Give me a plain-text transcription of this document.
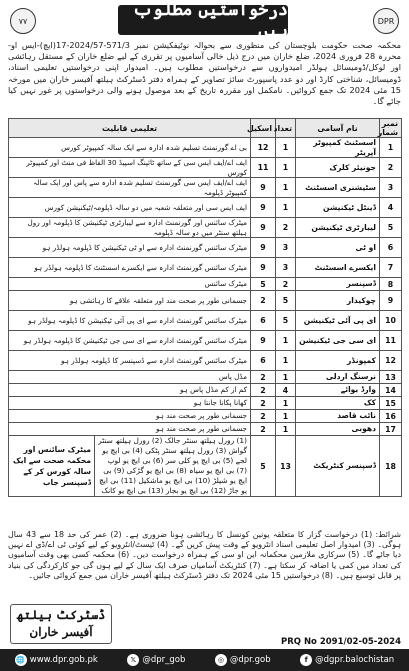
۷۷
درخواستیں مطلوب ہیں	DPR

محکمہ صحت حکومت بلوچستان کی منظوری سے بحوالہ نوٹیفکیشن نمبر 571/3-2024/57-17(ایچ)-ایس او- محررہ 28 فروری 2024، ضلع خاران میں درج ذیل خالی آسامیوں پر تقرری کے لیے ضلع خاران کے مستقل رہائشی اور لوکل/ڈومیسائل ہولڈر امیدواروں سے درخواستیں مطلوب ہیں۔ امیدوار اپنی درخواستیں تعلیمی اسناد، ڈومیسائل، شناختی کارڈ اور دو عدد پاسپورٹ سائز تصاویر کے ہمراہ دفتر ڈسٹرکٹ ہیلتھ آفیسر خاران میں مورخہ 15 مئی 2024 تک جمع کروائیں۔ نامکمل اور مقررہ تاریخ کے بعد موصول ہونے والی درخواستوں پر غور نہیں کیا جائے گا۔

نمبر شمار	نام آسامی	تعداد	اسکیل	تعلیمی قابلیت	
1	اسسٹنٹ کمپیوٹر آپریٹر	1	12	بی اے گورنمنٹ تسلیم شدہ ادارہ سے ایک سالہ کمپیوٹر کورس	
2	جونیئر کلرک	1	11	ایف اے/ایف ایس سی کے ساتھ ٹائپنگ اسپیڈ 30 الفاظ فی منٹ اور کمپیوٹر کورس	
3	سٹیشنری اسسٹنٹ	1	9	ایف اے/ایف ایس سی گورنمنٹ تسلیم شدہ ادارہ سے پاس اور ایک سالہ کمپیوٹر ڈپلومہ	
4	ڈینٹل ٹیکنیشن	1	9	ایف ایس سی اور متعلقہ شعبہ میں دو سالہ ڈپلومہ/ٹیکنیشن کورس	
5	لیبارٹری ٹیکنیشن	2	9	میٹرک سائنس اور گورنمنٹ ادارہ سے لیبارٹری ٹیکنیشن کا ڈپلومہ اور رول ہیلتھ سنٹر میں دو سالہ ڈپلومہ	
6	او ٹی	3	9	میٹرک سائنس گورنمنٹ ادارہ سے او ٹی ٹیکنیشن کا ڈپلومہ ہولڈر ہو	
7	ایکسرے اسسٹنٹ	3	9	میٹرک سائنس گورنمنٹ ادارہ سے ایکسرے اسسٹنٹ کا ڈپلومہ ہولڈر ہو	
8	ڈسپنسر	2	5	میٹرک سائنس	
9	چوکیدار	5	2	جسمانی طور پر صحت مند اور متعلقہ علاقے کا رہائشی ہو	
10	ای پی آئی ٹیکنیشن	5	6	میٹرک سائنس گورنمنٹ ادارہ سے ای پی آئی ٹیکنیشن کا ڈپلومہ ہولڈر ہو	
11	ای سی جی ٹیکنیشن	1	9	میٹرک سائنس گورنمنٹ ادارہ سے ای سی جی ٹیکنیشن کا ڈپلومہ ہولڈر ہو	
12	کمپونڈر	1	6	میٹرک سائنس گورنمنٹ ادارہ سے ڈسپنسر کا ڈپلومہ ہولڈر ہو	
13	نرسنگ اردلی	1	2	مڈل پاس	
14	وارڈ بوائے	4	2	کم از کم مڈل پاس ہو	
15	کک	1	2	کھانا پکانا جانتا ہو	
16	نائب قاصد	1	2	جسمانی طور پر صحت مند ہو	
17	دھوبی	1	2	جسمانی طور پر صحت مند ہو	
18	ڈسپنسر کنٹریکٹ	13	5	(1) رورل ہیلتھ سنٹر جالک (2) رورل ہیلتھ سنٹر گواش (3) رورل ہیلتھ سنٹر پٹکی (4) بی ایچ یو لجے (5) بی ایچ یو کلی سر (6) بی ایچ یو لوپ (7) بی ایچ یو سیاہ (8) بی ایچ یو گڑکی (9) بی ایچ یو شیلڑ (10) بی ایچ یو ماشکیل (11) بی ایچ یو جاڑ (12) بی ایچ یو بجار (13) بی ایچ یو کانک	میٹرک سائنس اور محکمہ صحت سے ایک سالہ کورس کر کے ڈسپنسر جاب

شرائط: (1) درخواست گزار کا متعلقہ یونین کونسل کا رہائشی ہونا ضروری ہے۔ (2) عمر کی حد 18 سے 43 سال ہوگی۔ (3) امیدوار اصل تعلیمی اسناد انٹرویو کے وقت پیش کریں گے۔ (4) ٹیسٹ/انٹرویو کے لیے کوئی ٹی اے/ڈی اے نہیں دیا جائے گا۔ (5) سرکاری ملازمین محکمانہ این او سی کے ہمراہ درخواست دیں۔ (6) محکمہ کسی بھی وقت آسامیوں کی تعداد میں کمی یا اضافہ کر سکتا ہے۔ (7) کنٹریکٹ آسامیاں صرف ایک سال کے لیے ہوں گی جو کارکردگی کی بنیاد پر قابل توسیع ہیں۔ (8) درخواستیں 15 مئی 2024 تک دفتر ڈسٹرکٹ ہیلتھ آفیسر خاران میں جمع کروائی جائیں۔

ڈسٹرکٹ ہیلتھ
آفیسر خاران
PRQ No 2091/02-05-2024
🌐 www.dpr.gob.pk	𝕏 @dpr_gob	◎ @dpr.gob	f @dgpr.balochistan
